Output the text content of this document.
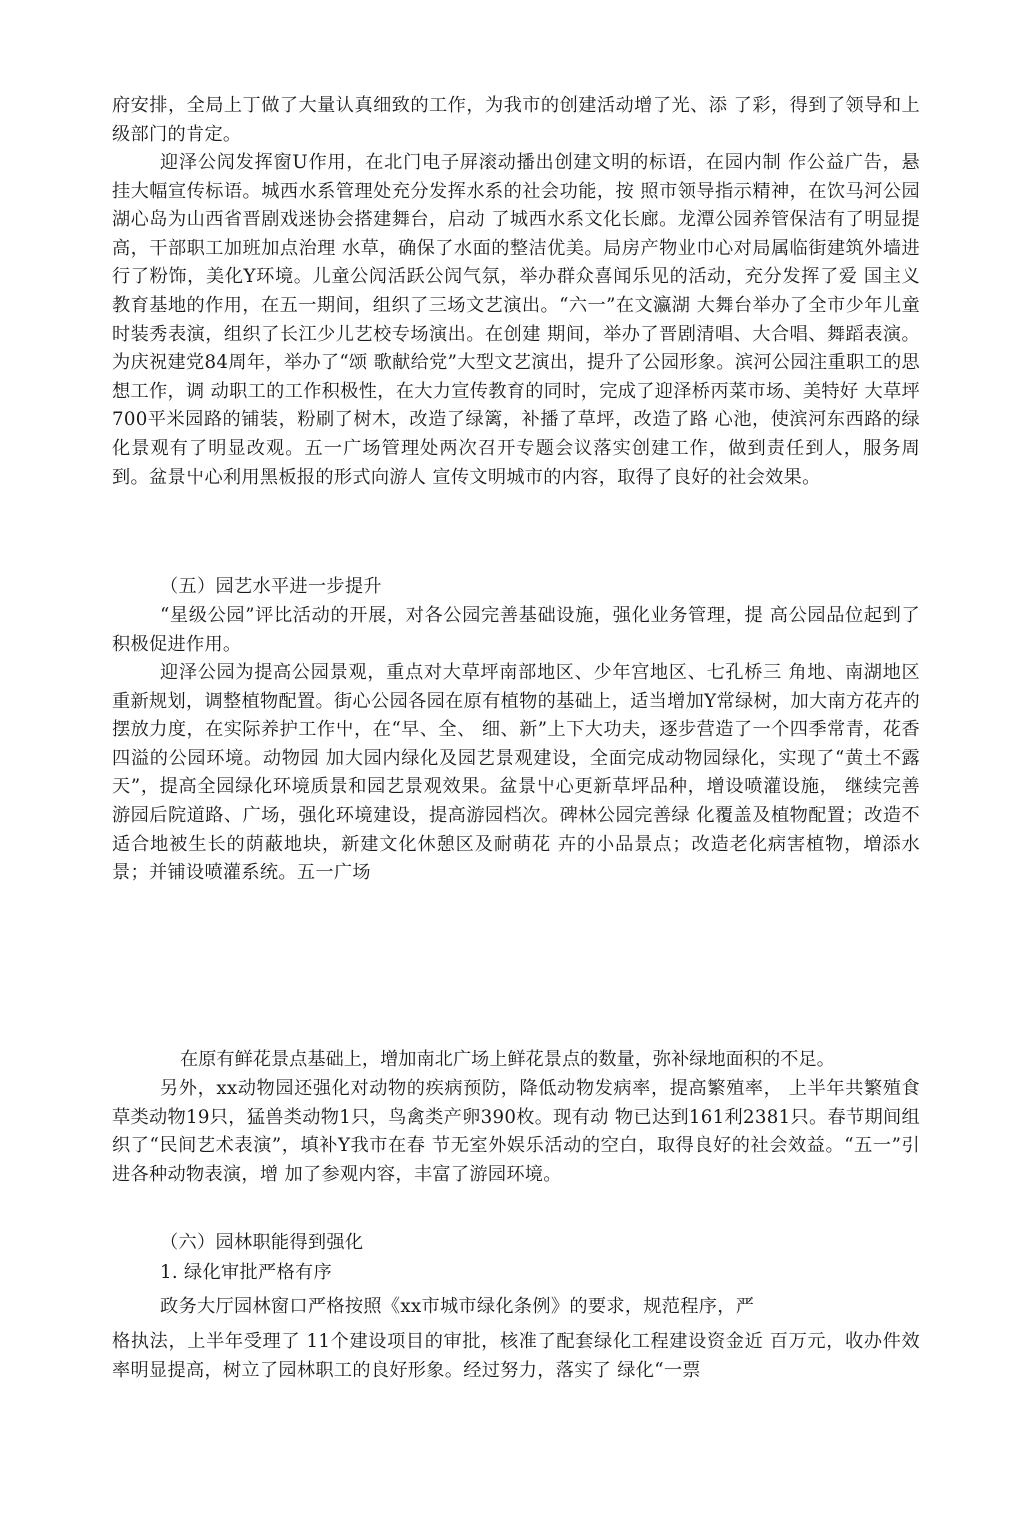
府安排，全局上丁做了大量认真细致的工作，为我市的创建活动增了光、添 了彩，得到了领导和上级部门的肯定。

迎泽公闶发挥窗U作用，在北门电子屏滚动播出创建文明的标语，在园内制 作公益广告，悬挂大幅宣传标语。城西水系管理处充分发挥水系的社会功能，按 照市领导指示精神，在饮马河公园湖心岛为山西省晋剧戏迷协会搭建舞台，启动 了城西水系文化长廊。龙潭公园养管保洁有了明显提高，干部职工加班加点治理 水草，确保了水面的整洁优美。局房产物业巾心对局属临街建筑外墙进行了粉饰，美化Y环境。儿童公闶活跃公闶气氛，举办群众喜闻乐见的活动，充分发挥了爱 国主义教育基地的作用，在五一期间，组织了三场文艺演出。“六一”在文瀛湖 大舞台举办了全市少年儿童时装秀表演，组织了长江少儿艺校专场演出。在创建 期间，举办了晋剧清唱、大合唱、舞蹈表演。为庆祝建党84周年，举办了“颂 歌献给党”大型文艺演出，提升了公园形象。滨河公园注重职工的思想工作，调 动职工的工作积极性，在大力宣传教育的同时，完成了迎泽桥丙菜市场、美特好 大草坪700平米园路的铺装，粉刷了树木，改造了绿篱，补播了草坪，改造了路 心池，使滨河东西路的绿化景观有了明显改观。五一广场管理处两次召开专题会议落实创建工作，做到责任到人，服务周到。盆景屮心利用黑板报的形式向游人 宣传文明城市的内容，取得了良好的社会效果。

（五）园艺水平进一步提升

“星级公园”评比活动的开展，对各公园完善基础设施，强化业务管理，提 高公园品位起到了积极促进作用。

迎泽公园为提高公园景观，重点对大草坪南部地区、少年宫地区、七孔桥三 角地、南湖地区重新规划，调整植物配置。街心公园各园在原有植物的基础上，适当增加Y常绿树，加大南方花卉的摆放力度，在实际养护工作屮，在“早、全、 细、新”上下大功夫，逐步营造了一个四季常青，花香四溢的公园环境。动物园 加大园内绿化及园艺景观建设，全面完成动物园绿化，实现了“黄土不露天”，提高全园绿化环境质景和园艺景观效果。盆景屮心更新草坪品种，增设喷灌设施， 继续完善游园后院道路、广场，强化环境建设，提高游园档次。碑林公园完善绿 化覆盖及植物配置；改造不适合地被生长的荫蔽地块，新建文化休憩区及耐萌花 卉的小品景点；改造老化病害植物，増添水景；并铺设喷灌系统。五一广场

在原有鲜花景点基础上，增加南北广场上鲜花景点的数量，弥补绿地面积的不足。

另外，xx动物园还强化对动物的疾病预防，降低动物发病率，提高繁殖率， 上半年共繁殖食草类动物19只，猛兽类动物1只，鸟禽类产卵390枚。现有动 物已达到161利2381只。春节期间组织了“民间艺术表演”，填补Y我市在春 节无室外娱乐活动的空白，取得良好的社会效益。“五一”引进各种动物表演，增 加了参观内容，丰富了游园环境。

（六）园林职能得到强化

1. 绿化审批严格有序

政务大厅园林窗口严格按照《xx市城市绿化条例》的要求，规范程序，严

格执法，上半年受理了 11个建设项目的审批，核准了配套绿化工程建设资金近 百万元，收办件效率明显提高，树立了园林职工的良好形象。经过努力，落实了 绿化“一票
